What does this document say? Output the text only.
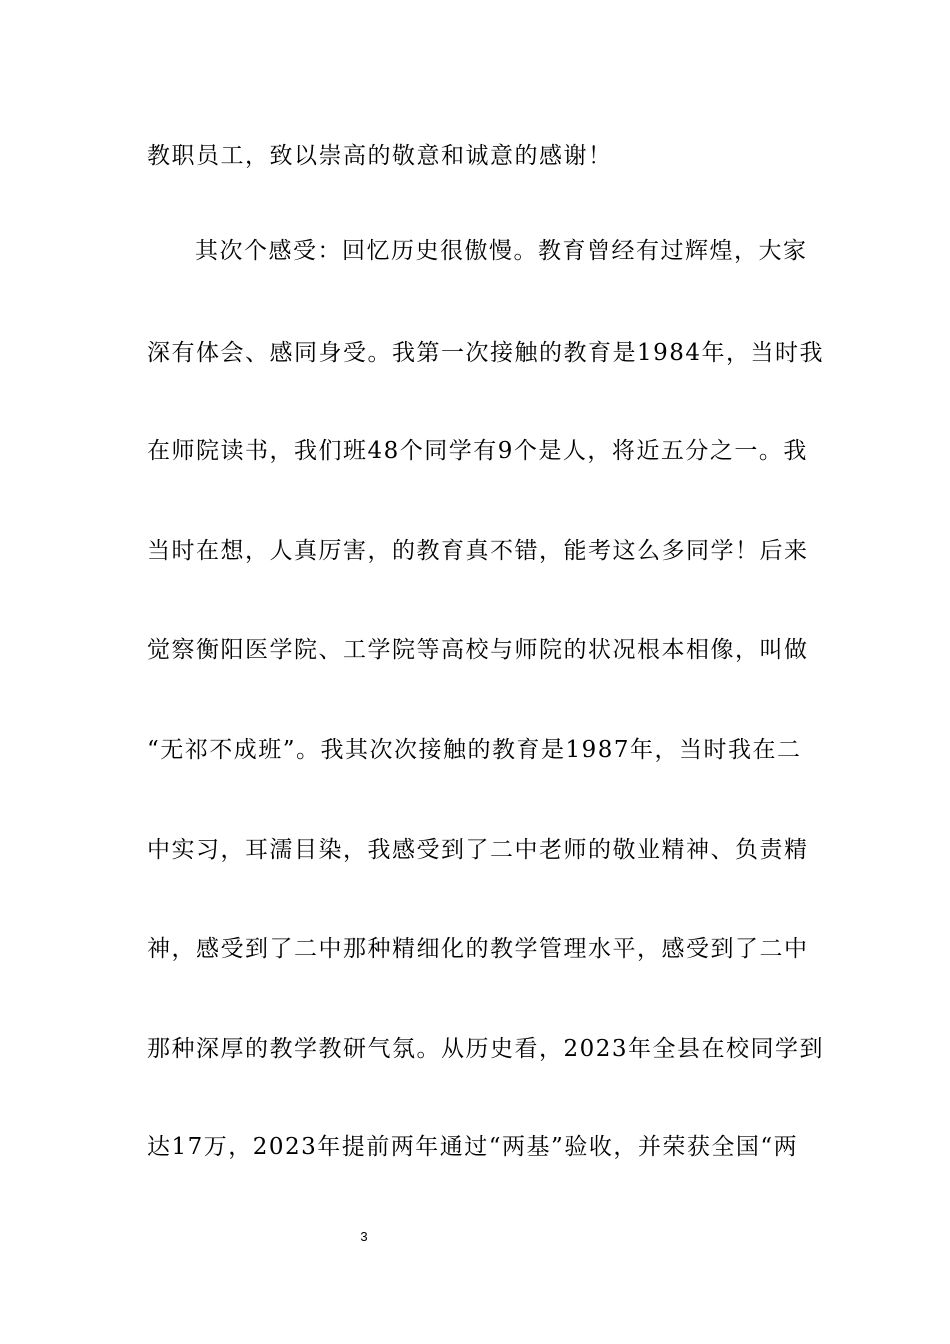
教职员工，致以崇高的敬意和诚意的感谢！
其次个感受：回忆历史很傲慢。教育曾经有过辉煌，大家
深有体会、感同身受。我第一次接触的教育是1984年，当时我
在师院读书，我们班48个同学有9个是人，将近五分之一。我
当时在想，人真厉害，的教育真不错，能考这么多同学！后来
觉察衡阳医学院、工学院等高校与师院的状况根本相像，叫做
“无祁不成班”。我其次次接触的教育是1987年，当时我在二
中实习，耳濡目染，我感受到了二中老师的敬业精神、负责精
神，感受到了二中那种精细化的教学管理水平，感受到了二中
那种深厚的教学教研气氛。从历史看，2023年全县在校同学到
达17万，2023年提前两年通过“两基”验收，并荣获全国“两
3
